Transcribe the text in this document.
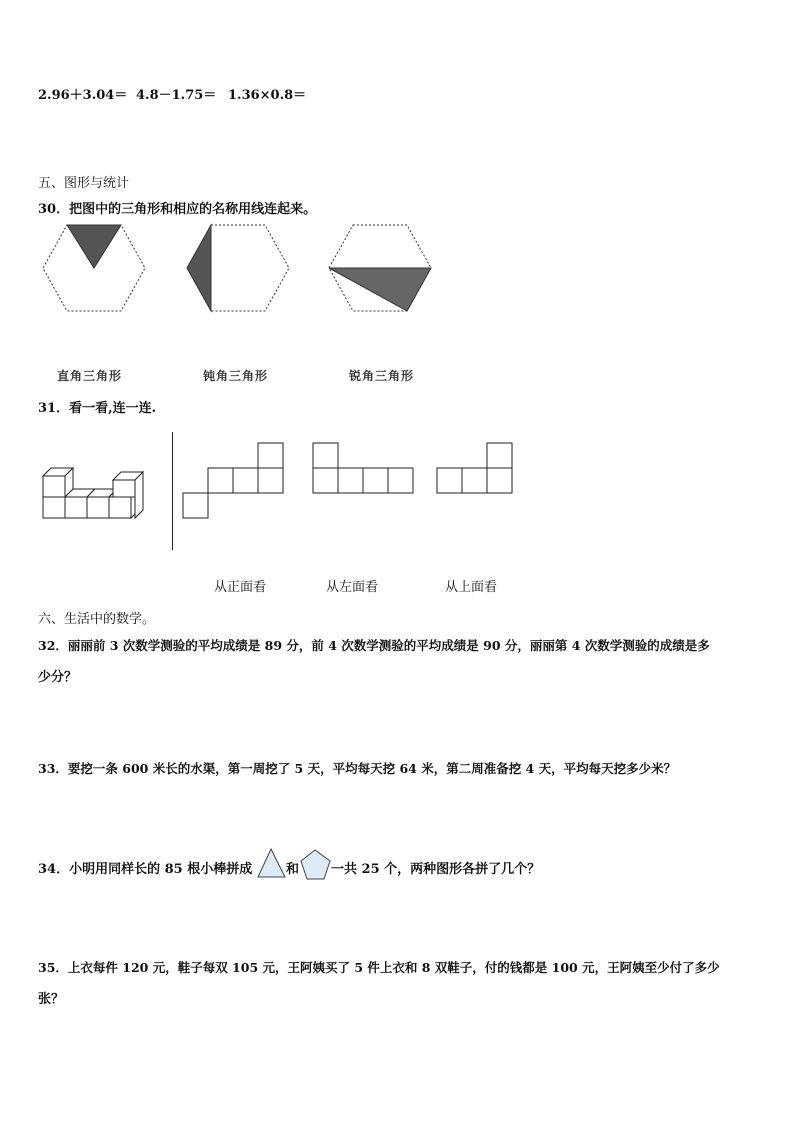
2.96＋3.04＝ 4.8－1.75＝ 1.36×0.8＝
五、图形与统计
30．把图中的三角形和相应的名称用线连起来。
直角三角形	钝角三角形	锐角三角形
31．看一看,连一连.
从正面看	从左面看	从上面看
六、生活中的数学。
32．丽丽前 3 次数学测验的平均成绩是 89 分，前 4 次数学测验的平均成绩是 90 分，丽丽第 4 次数学测验的成绩是多
少分？
33．要挖一条 600 米长的水渠，第一周挖了 5 天，平均每天挖 64 米，第二周准备挖 4 天，平均每天挖多少米？
34．小明用同样长的 85 根小棒拼成	和 一共 25 个，两种图形各拼了几个？
35．上衣每件 120 元，鞋子每双 105 元，王阿姨买了 5 件上衣和 8 双鞋子，付的钱都是 100 元，王阿姨至少付了多少
张？
